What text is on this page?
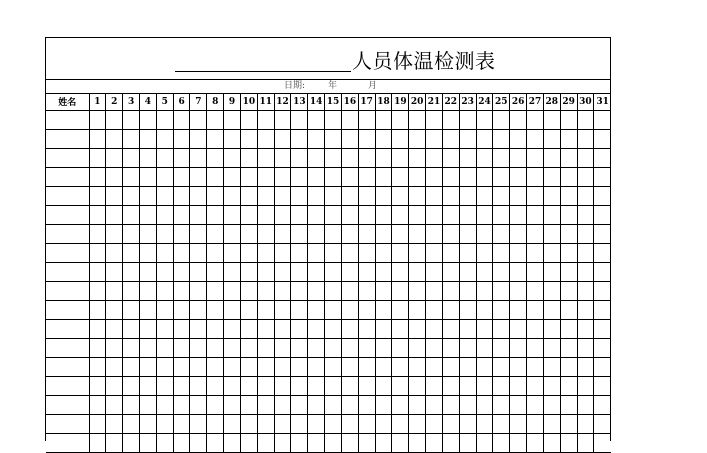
人员体温检测表
日期:	年	月
姓名	1	2	3	4	5	6	7	8	9	10	11	12	13	14	15	16	17	18	19	20	21	22	23	24	25	26	27	28	29	30	31
